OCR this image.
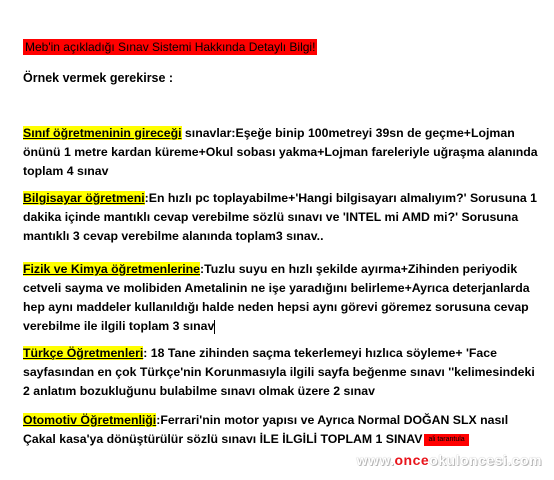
Meb'in açıkladığı Sınav Sistemi Hakkında Detaylı Bilgi!
Örnek vermek gerekirse :
Sınıf öğretmeninin gireceği sınavlar:Eşeğe binip 100metreyi 39sn de geçme+Lojman önünü 1 metre kardan küreme+Okul sobası yakma+Lojman fareleriyle uğraşma alanında toplam 4 sınav
Bilgisayar öğretmeni:En hızlı pc toplayabilme+'Hangi bilgisayarı almalıyım?' Sorusuna 1 dakika içinde mantıklı cevap verebilme sözlü sınavı ve 'INTEL mi AMD mi?' Sorusuna mantıklı 3 cevap verebilme alanında toplam3 sınav..
Fizik ve Kimya öğretmenlerine:Tuzlu suyu en hızlı şekilde ayırma+Zihinden periyodik cetveli sayma ve molibiden Ametalinin ne işe yaradığını belirleme+Ayrıca deterjanlarda hep aynı maddeler kullanıldığı halde neden hepsi aynı görevi göremez sorusuna cevap verebilme ile ilgili toplam 3 sınav
Türkçe Öğretmenleri: 18 Tane zihinden saçma tekerlemeyi hızlıca söyleme+ 'Face sayfasından en çok Türkçe'nin Korunmasıyla ilgili sayfa beğenme sınavı ''kelimesindeki 2 anlatım bozukluğunu bulabilme sınavı olmak üzere 2 sınav
Otomotiv Öğretmenliği:Ferrari'nin motor yapısı ve Ayrıca Normal DOĞAN SLX nasıl Çakal kasa'ya dönüştürülür sözlü sınavı İLE İLGİLİ TOPLAM 1 SINAV ali tarantula
www.onceokuloncesi.com
